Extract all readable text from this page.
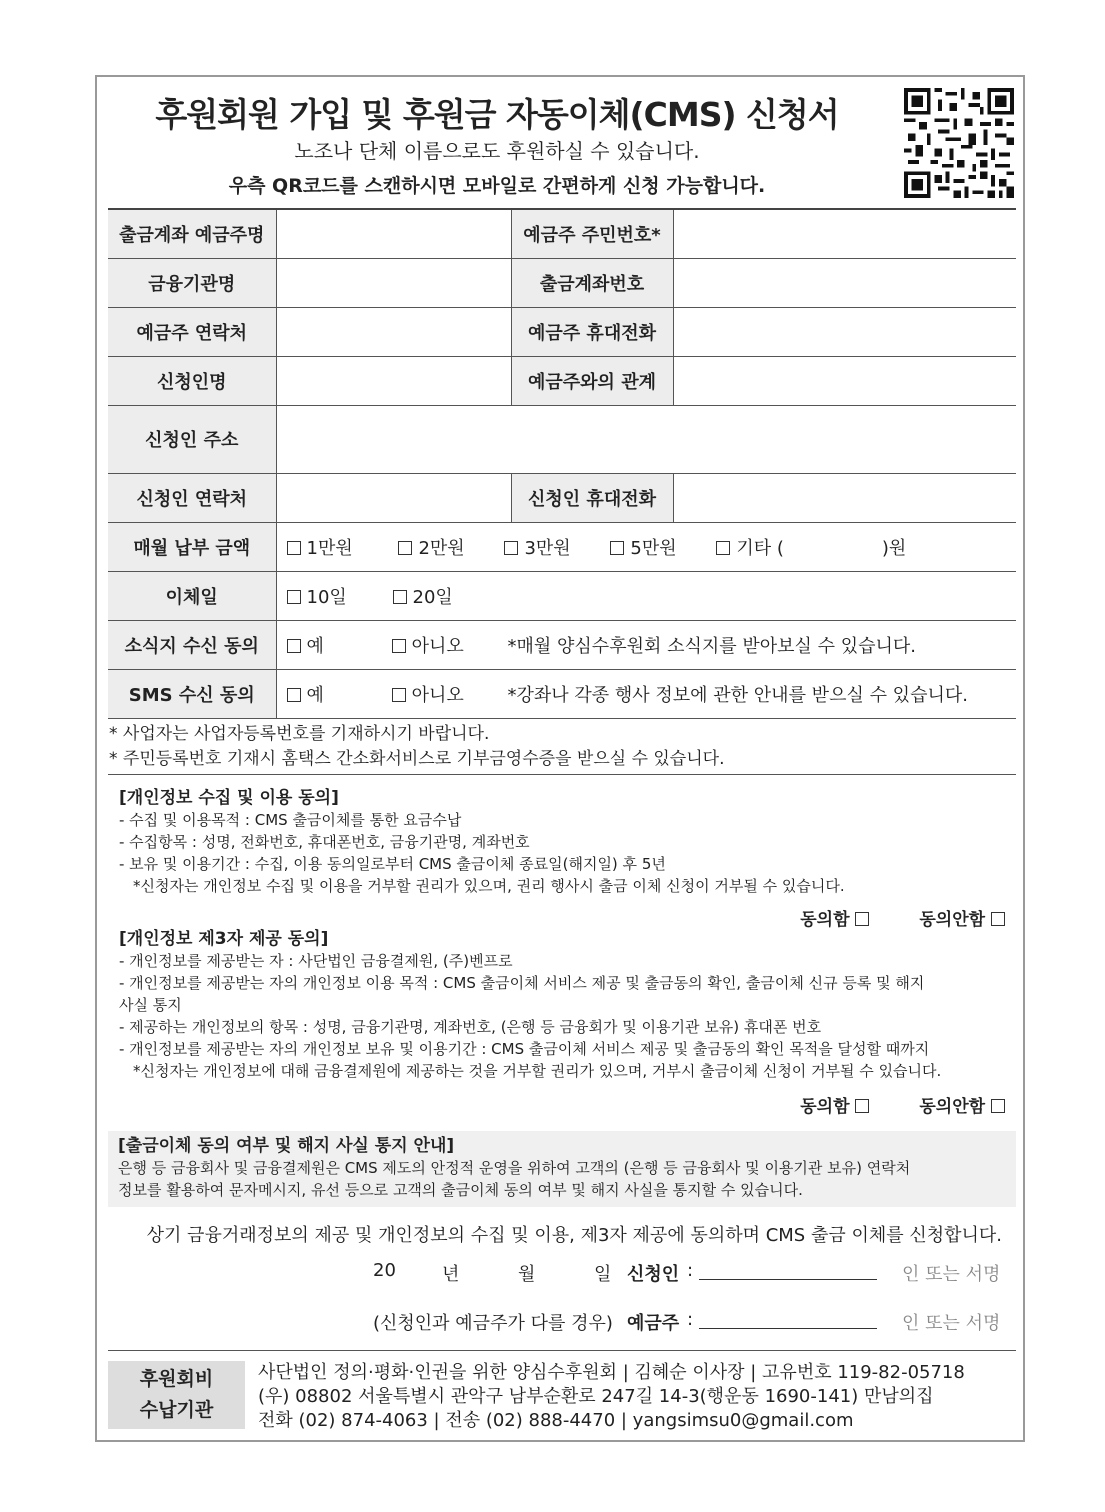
후원회원 가입 및 후원금 자동이체(CMS) 신청서
노조나 단체 이름으로도 후원하실 수 있습니다.
우측 QR코드를 스캔하시면 모바일로 간편하게 신청 가능합니다.
출금계좌 예금주명		예금주 주민번호*	
금융기관명		출금계좌번호	
예금주 연락처		예금주 휴대전화	
신청인명		예금주와의 관계	
신청인 주소			
신청인 연락처		신청인 휴대전화	
매월 납부 금액	1만원 2만원 3만원 5만원 기타 ( )원		
이체일	10일 20일		
소식지 수신 동의	예 아니오 *매월 양심수후원회 소식지를 받아보실 수 있습니다.		
SMS 수신 동의	예 아니오 *강좌나 각종 행사 정보에 관한 안내를 받으실 수 있습니다.		
* 사업자는 사업자등록번호를 기재하시기 바랍니다.
* 주민등록번호 기재시 홈택스 간소화서비스로 기부금영수증을 받으실 수 있습니다.
[개인정보 수집 및 이용 동의]
- 수집 및 이용목적 : CMS 출금이체를 통한 요금수납
- 수집항목 : 성명, 전화번호, 휴대폰번호, 금융기관명, 계좌번호
- 보유 및 이용기간 : 수집, 이용 동의일로부터 CMS 출금이체 종료일(해지일) 후 5년
*신청자는 개인정보 수집 및 이용을 거부할 권리가 있으며, 권리 행사시 출금 이체 신청이 거부될 수 있습니다.
동의함	동의안함
[개인정보 제3자 제공 동의]
- 개인정보를 제공받는 자 : 사단법인 금융결제원, (주)벤프로
- 개인정보를 제공받는 자의 개인정보 이용 목적 : CMS 출금이체 서비스 제공 및 출금동의 확인, 출금이체 신규 등록 및 해지
사실 통지
- 제공하는 개인정보의 항목 : 성명, 금융기관명, 계좌번호, (은행 등 금융회가 및 이용기관 보유) 휴대폰 번호
- 개인정보를 제공받는 자의 개인정보 보유 및 이용기간 : CMS 출금이체 서비스 제공 및 출금동의 확인 목적을 달성할 때까지
*신청자는 개인정보에 대해 금융결제원에 제공하는 것을 거부할 권리가 있으며, 거부시 출금이체 신청이 거부될 수 있습니다.
동의함	동의안함
[출금이체 동의 여부 및 해지 사실 통지 안내]
은행 등 금융회사 및 금융결제원은 CMS 제도의 안정적 운영을 위하여 고객의 (은행 등 금융회사 및 이용기관 보유) 연락처
정보를 활용하여 문자메시지, 유선 등으로 고객의 출금이체 동의 여부 및 해지 사실을 통지할 수 있습니다.
상기 금융거래정보의 제공 및 개인정보의 수집 및 이용, 제3자 제공에 동의하며 CMS 출금 이체를 신청합니다.
20	년	월	일 신청인 :	인 또는 서명
(신청인과 예금주가 다를 경우) 예금주 :	인 또는 서명
후원회비
수납기관
사단법인 정의·평화·인권을 위한 양심수후원회 | 김혜순 이사장 | 고유번호 119-82-05718
(우) 08802 서울특별시 관악구 남부순환로 247길 14-3(행운동 1690-141) 만남의집
전화 (02) 874-4063 | 전송 (02) 888-4470 | yangsimsu0@gmail.com
